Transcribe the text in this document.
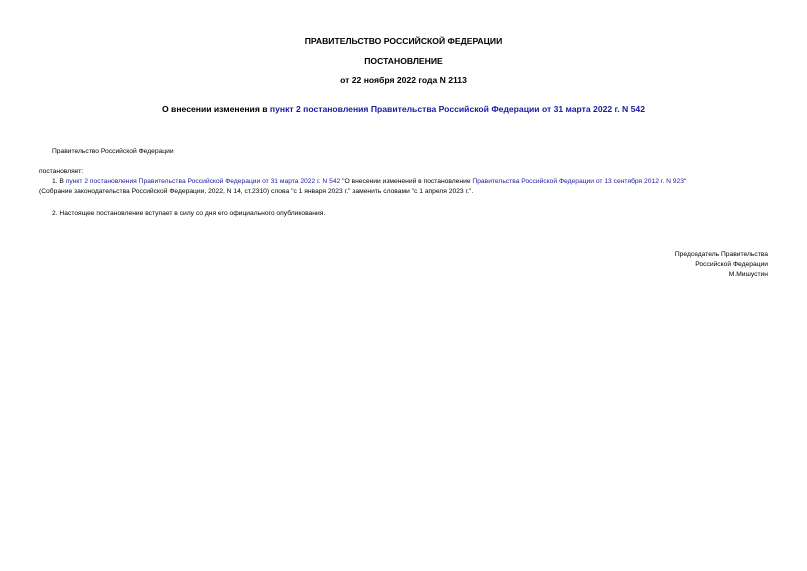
ПРАВИТЕЛЬСТВО РОССИЙСКОЙ ФЕДЕРАЦИИ
ПОСТАНОВЛЕНИЕ
от 22 ноября 2022 года N 2113
О внесении изменения в пункт 2 постановления Правительства Российской Федерации от 31 марта 2022 г. N 542
Правительство Российской Федерации
постановляет:
1. В пункт 2 постановления Правительства Российской Федерации от 31 марта 2022 г. N 542 "О внесении изменений в постановление Правительства Российской Федерации от 13 сентября 2012 г. N 923"
(Собрание законодательства Российской Федерации, 2022, N 14, ст.2310) слова "с 1 января 2023 г." заменить словами "с 1 апреля 2023 г.".
2. Настоящее постановление вступает в силу со дня его официального опубликования.
Председатель Правительства
Российской Федерации
М.Мишустин
